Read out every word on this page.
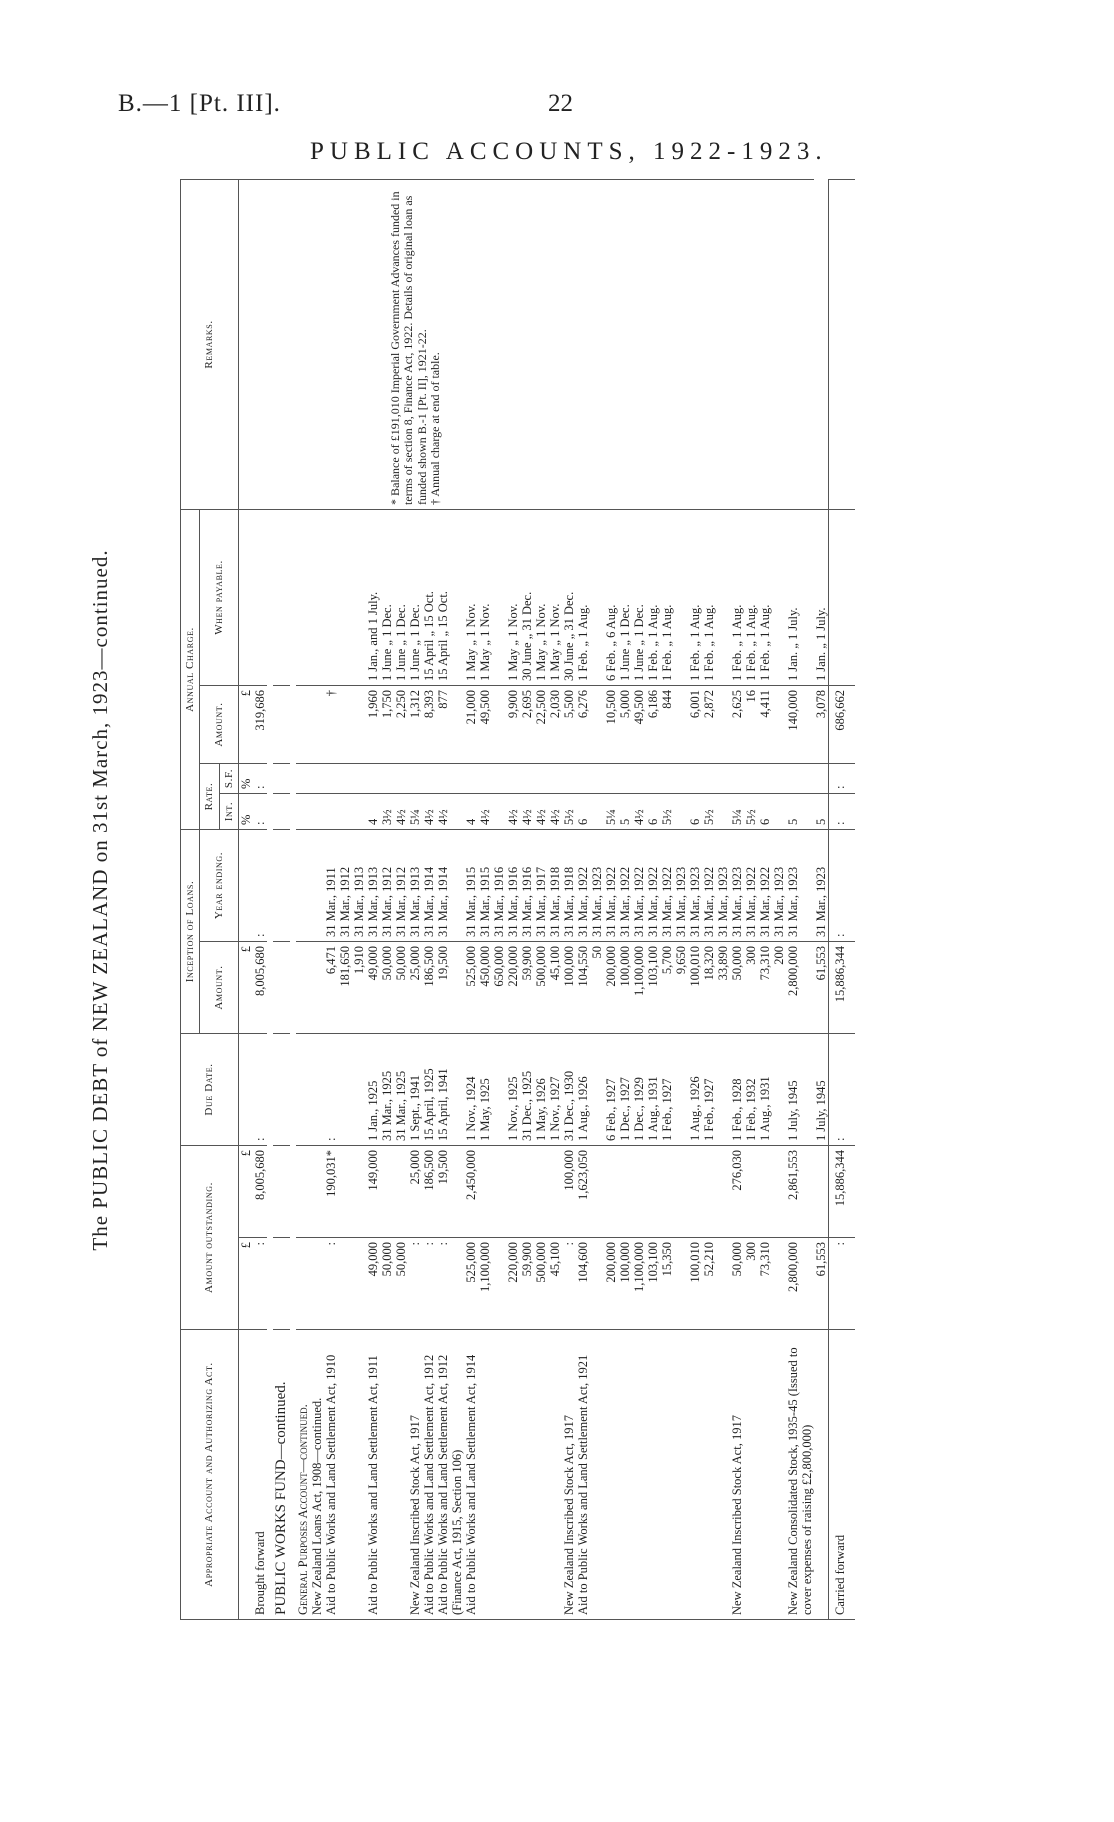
B.—1 [Pt. III].	22
PUBLIC ACCOUNTS, 1922-1923.
The PUBLIC DEBT of NEW ZEALAND on 31st March, 1923—continued.
Appropriate Account and Authorizing Act.	Amount outstanding.		Due Date.	Inception of Loans.		Annual Charge.				Remarks.
				Amount.	Year ending.	Rate.		Amount.	When payable.	
						Int.	S.F.			
	£	£		£		%	%	£		* Balance of £191,010 Imperial Government Advances funded in terms of section 8, Finance Act, 1922. Details of original loan as funded shown B.-1 [Pt. II], 1921-22. † Annual charge at end of table.

Brought forward	:	8,005,680	:	8,005,680	:	:	:	319,686		

PUBLIC WORKS FUND—continued.										

General Purposes Account—continued.										
New Zealand Loans Act, 1908—continued.										
Aid to Public Works and Land Settlement Act, 1910	:	190,031*	:	6,471	31 Mar., 1911			†		
				181,650	31 Mar., 1912					
				1,910	31 Mar., 1913					
Aid to Public Works and Land Settlement Act, 1911	49,000	149,000	1 Jan., 1925	49,000	31 Mar., 1913	4		1,960	1 Jan., and 1 July.	
	50,000		31 Mar., 1925	50,000	31 Mar., 1912	3½		1,750	1 June „ 1 Dec.	
	50,000		31 Mar., 1925	50,000	31 Mar., 1912	4½		2,250	1 June „ 1 Dec.	
New Zealand Inscribed Stock Act, 1917	:	25,000	1 Sept., 1941	25,000	31 Mar., 1913	5¼		1,312	1 June „ 1 Dec.	
Aid to Public Works and Land Settlement Act, 1912	:	186,500	15 April, 1925	186,500	31 Mar., 1914	4½		8,393	15 April „ 15 Oct.	
Aid to Public Works and Land Settlement Act, 1912 (Finance Act, 1915, Section 106)	:	19,500	15 April, 1941	19,500	31 Mar., 1914	4½		877	15 April „ 15 Oct.	
Aid to Public Works and Land Settlement Act, 1914	525,000	2,450,000	1 Nov., 1924	525,000	31 Mar., 1915	4		21,000	1 May „ 1 Nov.	
	1,100,000		1 May, 1925	450,000	31 Mar., 1915	4½		49,500	1 May „ 1 Nov.	
				650,000	31 Mar., 1916					
	220,000		1 Nov., 1925	220,000	31 Mar., 1916	4½		9,900	1 May „ 1 Nov.	
	59,900		31 Dec., 1925	59,900	31 Mar., 1916	4½		2,695	30 June „ 31 Dec.	
	500,000		1 May, 1926	500,000	31 Mar., 1917	4½		22,500	1 May „ 1 Nov.	
	45,100		1 Nov., 1927	45,100	31 Mar., 1918	4½		2,030	1 May „ 1 Nov.	
New Zealand Inscribed Stock Act, 1917	:	100,000	31 Dec., 1930	100,000	31 Mar., 1918	5½		5,500	30 June „ 31 Dec.	
Aid to Public Works and Land Settlement Act, 1921	104,600	1,623,050	1 Aug., 1926	104,550	31 Mar., 1922	6		6,276	1 Feb. „ 1 Aug.	
				50	31 Mar., 1923					
	200,000		6 Feb., 1927	200,000	31 Mar., 1922	5¼		10,500	6 Feb. „ 6 Aug.	
	100,000		1 Dec., 1927	100,000	31 Mar., 1922	5		5,000	1 June „ 1 Dec.	
	1,100,000		1 Dec., 1929	1,100,000	31 Mar., 1922	4½		49,500	1 June „ 1 Dec.	
	103,100		1 Aug., 1931	103,100	31 Mar., 1922	6		6,186	1 Feb. „ 1 Aug.	
	15,350		1 Feb., 1927	5,700	31 Mar., 1922	5½		844	1 Feb. „ 1 Aug.	
				9,650	31 Mar., 1923					
	100,010		1 Aug., 1926	100,010	31 Mar., 1923	6		6,001	1 Feb. „ 1 Aug.	
	52,210		1 Feb., 1927	18,320	31 Mar., 1922	5½		2,872	1 Feb. „ 1 Aug.	
				33,890	31 Mar., 1923					
New Zealand Inscribed Stock Act, 1917	50,000	276,030	1 Feb., 1928	50,000	31 Mar., 1923	5¼		2,625	1 Feb. „ 1 Aug.	
	300		1 Feb., 1932	300	31 Mar., 1922	5½		16	1 Feb. „ 1 Aug.	
	73,310		1 Aug., 1931	73,310	31 Mar., 1922	6		4,411	1 Feb. „ 1 Aug.	
				200	31 Mar., 1923					
New Zealand Consolidated Stock, 1935-45 (Issued to cover expenses of raising £2,800,000)	2,800,000	2,861,553	1 July, 1945	2,800,000	31 Mar., 1923	5		140,000	1 Jan. „ 1 July.	
	61,553		1 July, 1945	61,553	31 Mar., 1923	5		3,078	1 Jan. „ 1 July.	
Carried forward	:	15,886,344	:	15,886,344	:	:	:	686,662		
